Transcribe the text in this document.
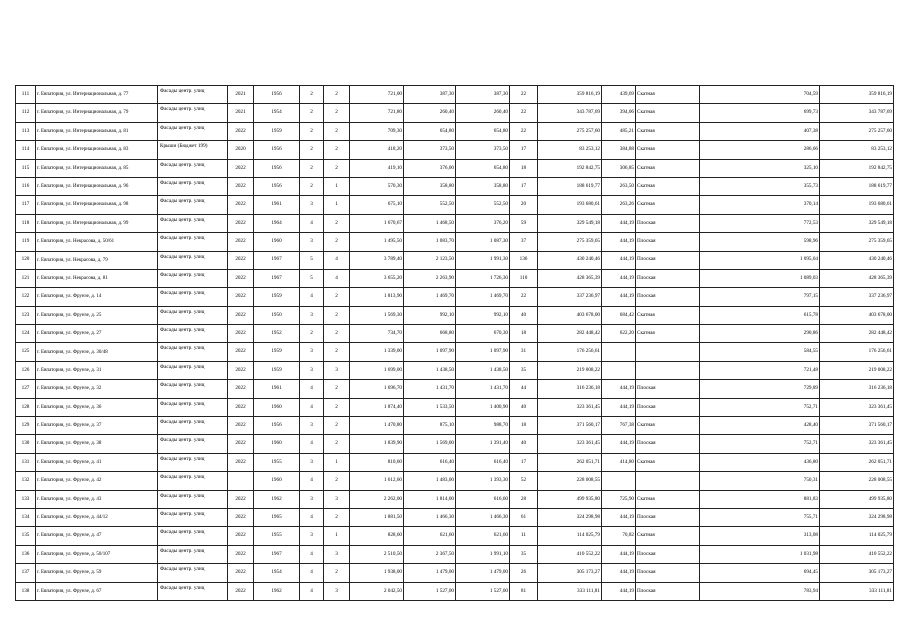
111	г. Евпатория, ул. Интернациональная, д. 77	Фасады центр. улиц	2021	1956	2	2	721,00	387,30	387,30	22	359 816,19	439,69	Скатная	704,59	359 816,19
112	г. Евпатория, ул. Интернациональная, д. 79	Фасады центр. улиц	2021	1954	2	2	721,80	260,40	260,40	22	343 787,69	394,06	Скатная	699,73	343 787,69
113	г. Евпатория, ул. Интернациональная, д. 81	Фасады центр. улиц	2022	1959	2	2	709,30	654,80	654,80	22	275 257,60	485,21	Скатная	407,38	275 257,60
114	г. Евпатория, ул. Интернациональная, д. 83	Крыши (Бюджет 199)	2020	1956	2	2	418,20	373,50	373,50	17	83 253,12	384,88	Скатная	286,66	83 253,12
115	г. Евпатория, ул. Интернациональная, д. 85	Фасады центр. улиц	2022	1956	2	2	419,10	376,00	654,80	18	192 842,75	306,85	Скатная	325,10	192 842,75
116	г. Евпатория, ул. Интернациональная, д. 96	Фасады центр. улиц	2022	1956	2	1	570,30	358,80	358,80	17	188 619,77	263,50	Скатная	355,73	188 619,77
117	г. Евпатория, ул. Интернациональная, д. 98	Фасады центр. улиц	2022	1961	3	1	675,10	552,50	552,50	20	193 680,61	263,26	Скатная	370,14	193 680,61
118	г. Евпатория, ул. Интернациональная, д. 99	Фасады центр. улиц	2022	1964	4	2	1 670,67	1 468,50	376,20	59	329 549,18	444,19	Плоская	772,53	329 549,18
119	г. Евпатория, ул. Некрасова, д. 50/61	Фасады центр. улиц	2022	1960	3	2	1 495,50	1 083,70	1 087,30	37	275 359,65	444,19	Плоская	598,96	275 359,65
120	г. Евпатория, ул. Некрасова, д. 79	Фасады центр. улиц	2022	1967	5	4	3 789,40	2 123,50	1 991,30	136	430 240,46	444,19	Плоская	1 095,04	430 240,46
121	г. Евпатория, ул. Некрасова, д. 81	Фасады центр. улиц	2022	1967	5	4	3 655,20	2 263,90	1 726,30	110	428 365,39	444,19	Плоская	1 089,03	428 365,39
122	г. Евпатория, ул. Фрунзе, д. 14	Фасады центр. улиц	2022	1959	4	2	1 813,90	1 469,70	1 469,70	22	337 236,97	444,19	Плоская	797,15	337 236,97
123	г. Евпатория, ул. Фрунзе, д. 25	Фасады центр. улиц	2022	1950	3	2	1 569,30	992,10	992,10	40	403 678,00	684,42	Скатная	615,78	403 678,00
124	г. Евпатория, ул. Фрунзе, д. 27	Фасады центр. улиц	2022	1952	2	2	734,70	668,80	670,30	18	282 448,42	622,20	Скатная	290,86	282 448,42
125	г. Евпатория, ул. Фрунзе, д. 30/48	Фасады центр. улиц	2022	1959	3	2	1 339,00	1 097,90	1 097,90	31	176 256,61			584,55	176 256,61
126	г. Евпатория, ул. Фрунзе, д. 31	Фасады центр. улиц	2022	1959	3	3	1 699,00	1 438,50	1 438,50	35	219 008,22			721,48	219 008,22
127	г. Евпатория, ул. Фрунзе, д. 32	Фасады центр. улиц	2022	1961	4	2	1 696,70	1 431,70	1 431,70	44	316 236,18	444,19	Плоская	729,89	316 236,18
128	г. Евпатория, ул. Фрунзе, д. 36	Фасады центр. улиц	2022	1960	4	2	1 874,40	1 533,50	1 400,90	40	323 361,45	444,19	Плоская	752,71	323 361,45
129	г. Евпатория, ул. Фрунзе, д. 37	Фасады центр. улиц	2022	1956	3	2	1 470,80	875,10	988,70	18	371 560,17	767,38	Скатная	428,40	371 560,17
130	г. Евпатория, ул. Фрунзе, д. 38	Фасады центр. улиц	2022	1960	4	2	1 839,90	1 569,00	1 391,40	40	323 361,45	444,19	Плоская	752,71	323 361,45
131	г. Евпатория, ул. Фрунзе, д. 41	Фасады центр. улиц	2022	1955	3	1	810,60	616,40	616,40	17	262 051,71	414,80	Скатная	436,80	262 051,71
132	г. Евпатория, ул. Фрунзе, д. 42	Фасады центр. улиц		1960	4	2	1 612,60	1 483,00	1 393,30	52	228 008,55			750,31	228 008,55
133	г. Евпатория, ул. Фрунзе, д. 43	Фасады центр. улиц	2022	1962	3	3	2 262,00	1 814,00	616,60	28	499 935,80	725,90	Скатная	881,83	499 935,80
134	г. Евпатория, ул. Фрунзе, д. 44/12	Фасады центр. улиц	2022	1965	4	2	1 881,50	1 466,30	1 466,30	61	324 298,98	444,19	Плоская	755,71	324 298,98
135	г. Евпатория, ул. Фрунзе, д. 47	Фасады центр. улиц	2022	1955	3	1	828,60	621,60	621,60	11	114 025,79	70,82	Скатная	313,08	114 025,79
136	г. Евпатория, ул. Фрунзе, д. 50/107	Фасады центр. улиц	2022	1967	4	3	2 510,50	2 367,50	1 991,10	35	410 552,22	444,19	Плоская	1 031,98	410 552,22
137	г. Евпатория, ул. Фрунзе, д. 59	Фасады центр. улиц	2022	1954	4	2	1 938,00	1 479,00	1 479,00	26	305 173,27	444,19	Плоская	694,45	305 173,27
138	г. Евпатория, ул. Фрунзе, д. 67	Фасады центр. улиц	2022	1962	4	3	2 042,50	1 527,00	1 527,00	81	333 111,81	444,19	Плоская	783,94	333 111,81
